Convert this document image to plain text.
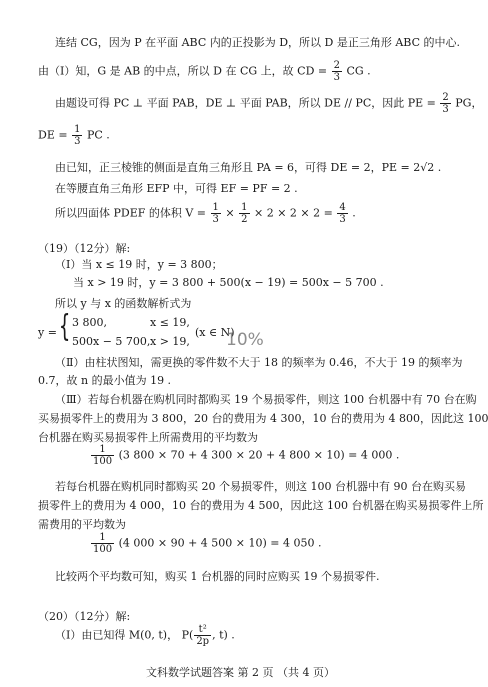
连结 CG，因为 P 在平面 ABC 内的正投影为 D，所以 D 是正三角形 ABC 的中心.
由（Ⅰ）知，G 是 AB 的中点，所以 D 在 CG 上，故 CD = $\frac{2}{3}$ CG .
由题设可得 PC ⊥ 平面 PAB，DE ⊥ 平面 PAB，所以 DE // PC，因此 PE = $\frac{2}{3}$ PG，
DE = $\frac{1}{3}$ PC .
由已知，正三棱锥的侧面是直角三角形且 PA = 6，可得 DE = 2，PE = 2√2 .
在等腰直角三角形 EFP 中，可得 EF = PF = 2 .
所以四面体 PDEF 的体积 $V = \frac{1}{3} \times \frac{1}{2} \times 2 \times 2 \times 2 = \frac{4}{3}$ .
（19）（12分）解:
（Ⅰ）当 x ≤ 19 时，y = 3 800；
当 x > 19 时，y = 3 800 + 500(x − 19) = 500x − 5 700 .
所以 y 与 x 的函数解析式为
y = { 3 800,	x ≤ 19,
500x − 5 700, x > 19,
(x ∈ N) .
10%
（Ⅱ）由柱状图知，需更换的零件数不大于 18 的频率为 0.46，不大于 19 的频率为
0.7，故 n 的最小值为 19 .
（Ⅲ）若每台机器在购机同时都购买 19 个易损零件，则这 100 台机器中有 70 台在购
买易损零件上的费用为 3 800，20 台的费用为 4 300，10 台的费用为 4 800，因此这 100
台机器在购买易损零件上所需费用的平均数为
$\frac{1}{100} (3$ 800 × 70 + 4 300 × 20 + 4 800 × 10) = 4 000 .
若每台机器在购机同时都购买 20 个易损零件，则这 100 台机器中有 90 台在购买易
损零件上的费用为 4 000，10 台的费用为 4 500，因此这 100 台机器在购买易损零件上所
需费用的平均数为
$\frac{1}{100} (4$ 000 × 90 + 4 500 × 10) = 4 050 .
比较两个平均数可知，购买 1 台机器的同时应购买 19 个易损零件.
（20）（12分）解:
（Ⅰ）由已知得 M(0, t)， $P( \frac{\text{t²}}{2p}$ , t) .
文科数学试题答案 第 2 页 （共 4 页）
